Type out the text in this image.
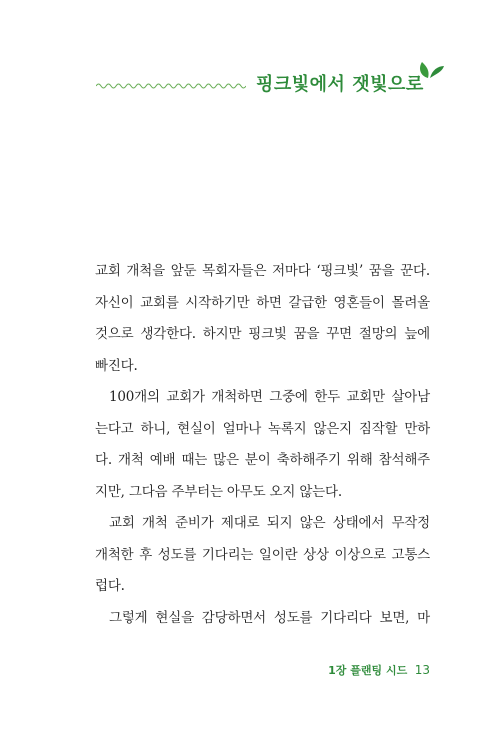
핑크빛에서 잿빛으로
교회 개척을 앞둔 목회자들은 저마다 ‘핑크빛’ 꿈을 꾼다.
자신이 교회를 시작하기만 하면 갈급한 영혼들이 몰려올
것으로 생각한다. 하지만 핑크빛 꿈을 꾸면 절망의 늪에
빠진다.
100개의 교회가 개척하면 그중에 한두 교회만 살아남
는다고 하니, 현실이 얼마나 녹록지 않은지 짐작할 만하
다. 개척 예배 때는 많은 분이 축하해주기 위해 참석해주
지만, 그다음 주부터는 아무도 오지 않는다.
교회 개척 준비가 제대로 되지 않은 상태에서 무작정
개척한 후 성도를 기다리는 일이란 상상 이상으로 고통스
럽다.
그렇게 현실을 감당하면서 성도를 기다리다 보면, 마
1장 플랜팅 시드 13
